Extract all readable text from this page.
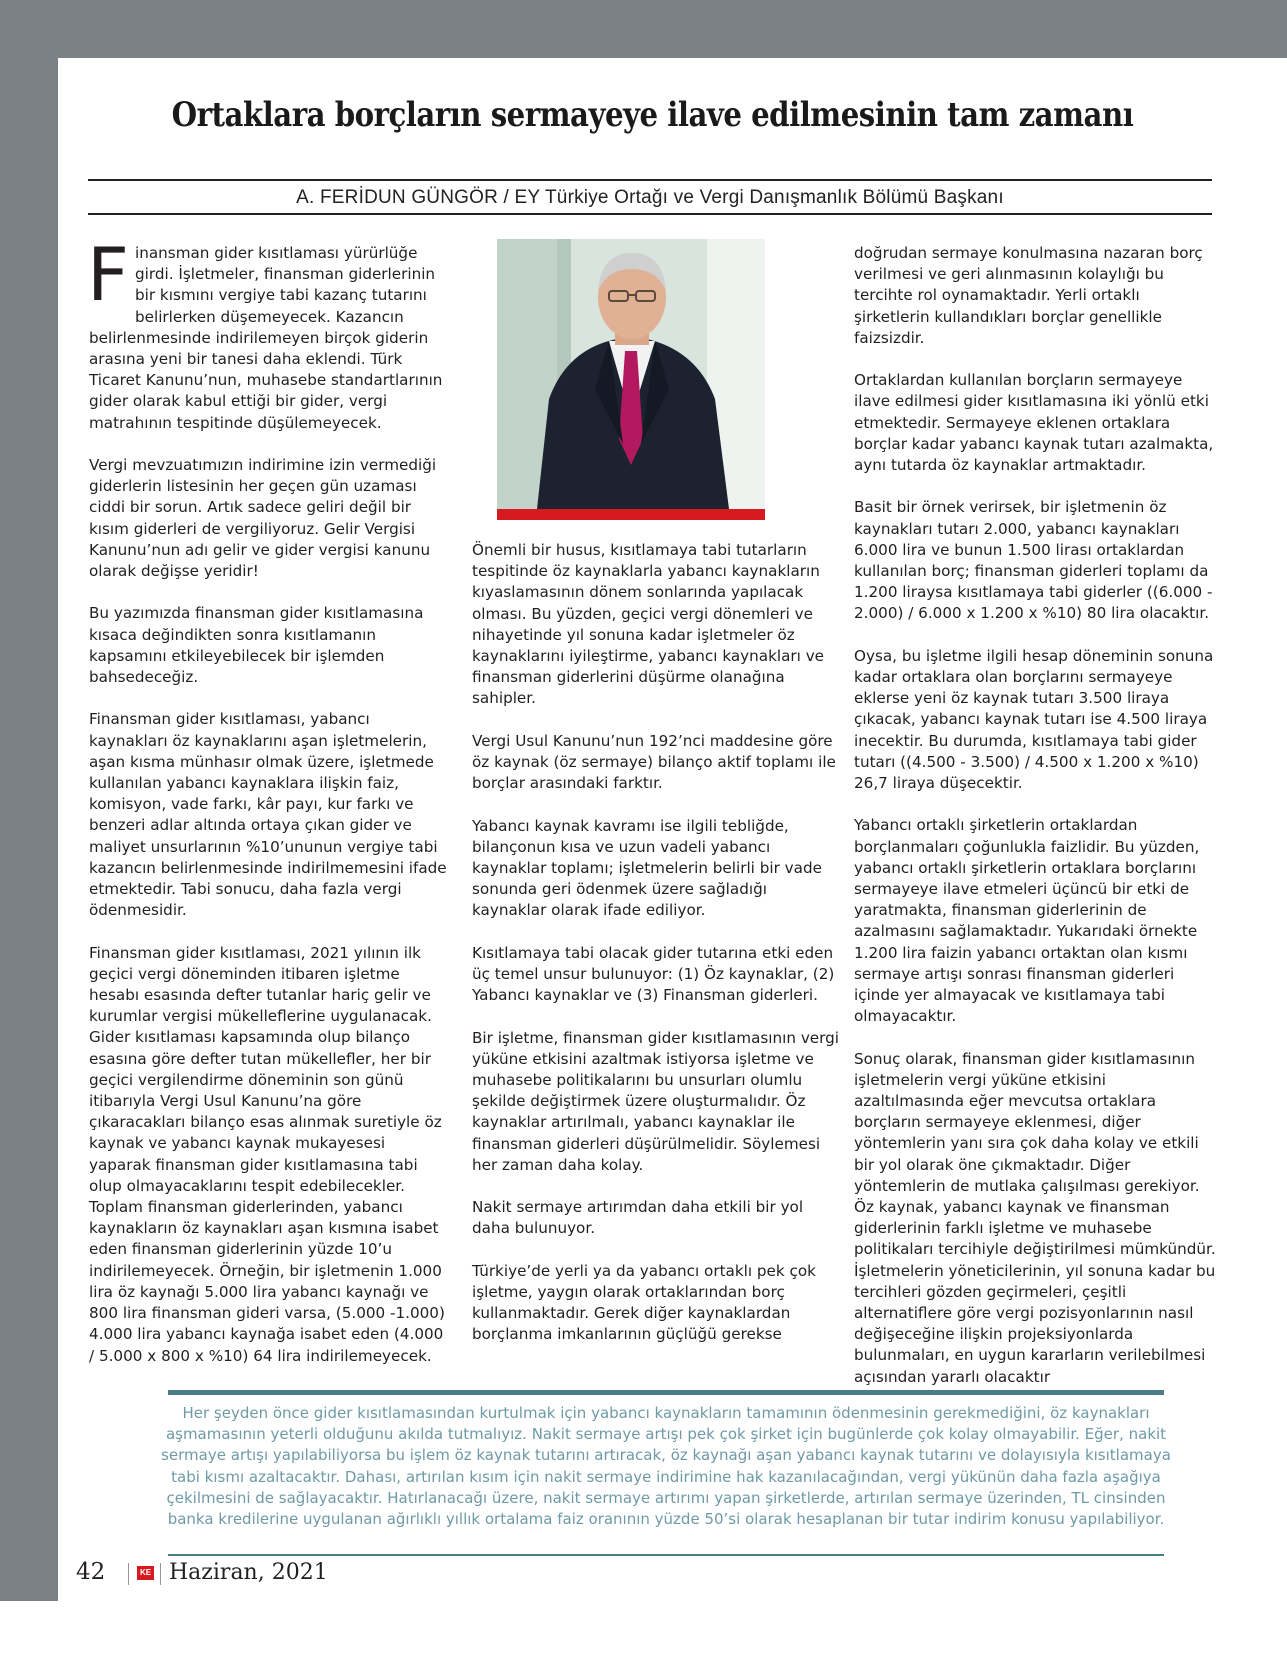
Ortaklara borçların sermayeye ilave edilmesinin tam zamanı
A. FERİDUN GÜNGÖR / EY Türkiye Ortağı ve Vergi Danışmanlık Bölümü Başkanı

Finansman gider kısıtlaması yürürlüğe girdi. İşletmeler, finansman giderlerinin bir kısmını vergiye tabi kazanç tutarını belirlerken düşemeyecek. Kazancın belirlenmesinde indirilemeyen birçok giderin arasına yeni bir tanesi daha eklendi. Türk Ticaret Kanunu’nun, muhasebe standartlarının gider olarak kabul ettiği bir gider, vergi matrahının tespitinde düşülemeyecek.

Vergi mevzuatımızın indirimine izin vermediği giderlerin listesinin her geçen gün uzaması ciddi bir sorun. Artık sadece geliri değil bir kısım giderleri de vergiliyoruz. Gelir Vergisi Kanunu’nun adı gelir ve gider vergisi kanunu olarak değişse yeridir!

Bu yazımızda finansman gider kısıtlamasına kısaca değindikten sonra kısıtlamanın kapsamını etkileyebilecek bir işlemden bahsedeceğiz.

Finansman gider kısıtlaması, yabancı kaynakları öz kaynaklarını aşan işletmelerin, aşan kısma münhasır olmak üzere, işletmede kullanılan yabancı kaynaklara ilişkin faiz, komisyon, vade farkı, kâr payı, kur farkı ve benzeri adlar altında ortaya çıkan gider ve maliyet unsurlarının %10’ununun vergiye tabi kazancın belirlenmesinde indirilmemesini ifade etmektedir. Tabi sonucu, daha fazla vergi ödenmesidir.

Finansman gider kısıtlaması, 2021 yılının ilk geçici vergi döneminden itibaren işletme hesabı esasında defter tutanlar hariç gelir ve kurumlar vergisi mükelleflerine uygulanacak. Gider kısıtlaması kapsamında olup bilanço esasına göre defter tutan mükellefler, her bir geçici vergilendirme döneminin son günü itibarıyla Vergi Usul Kanunu’na göre çıkaracakları bilanço esas alınmak suretiyle öz kaynak ve yabancı kaynak mukayesesi yaparak finansman gider kısıtlamasına tabi olup olmayacaklarını tespit edebilecekler. Toplam finansman giderlerinden, yabancı kaynakların öz kaynakları aşan kısmına isabet eden finansman giderlerinin yüzde 10’u indirilemeyecek. Örneğin, bir işletmenin 1.000 lira öz kaynağı 5.000 lira yabancı kaynağı ve 800 lira finansman gideri varsa, (5.000 -1.000) 4.000 lira yabancı kaynağa isabet eden (4.000 / 5.000 x 800 x %10) 64 lira indirilemeyecek.

Önemli bir husus, kısıtlamaya tabi tutarların tespitinde öz kaynaklarla yabancı kaynakların kıyaslamasının dönem sonlarında yapılacak olması. Bu yüzden, geçici vergi dönemleri ve nihayetinde yıl sonuna kadar işletmeler öz kaynaklarını iyileştirme, yabancı kaynakları ve finansman giderlerini düşürme olanağına sahipler.

Vergi Usul Kanunu’nun 192’nci maddesine göre öz kaynak (öz sermaye) bilanço aktif toplamı ile borçlar arasındaki farktır.

Yabancı kaynak kavramı ise ilgili tebliğde, bilançonun kısa ve uzun vadeli yabancı kaynaklar toplamı; işletmelerin belirli bir vade sonunda geri ödenmek üzere sağladığı kaynaklar olarak ifade ediliyor.

Kısıtlamaya tabi olacak gider tutarına etki eden üç temel unsur bulunuyor: (1) Öz kaynaklar, (2) Yabancı kaynaklar ve (3) Finansman giderleri.

Bir işletme, finansman gider kısıtlamasının vergi yüküne etkisini azaltmak istiyorsa işletme ve muhasebe politikalarını bu unsurları olumlu şekilde değiştirmek üzere oluşturmalıdır. Öz kaynaklar artırılmalı, yabancı kaynaklar ile finansman giderleri düşürülmelidir. Söylemesi her zaman daha kolay.

Nakit sermaye artırımdan daha etkili bir yol daha bulunuyor.

Türkiye’de yerli ya da yabancı ortaklı pek çok işletme, yaygın olarak ortaklarından borç kullanmaktadır. Gerek diğer kaynaklardan borçlanma imkanlarının güçlüğü gerekse

doğrudan sermaye konulmasına nazaran borç verilmesi ve geri alınmasının kolaylığı bu tercihte rol oynamaktadır. Yerli ortaklı şirketlerin kullandıkları borçlar genellikle faizsizdir.

Ortaklardan kullanılan borçların sermayeye ilave edilmesi gider kısıtlamasına iki yönlü etki etmektedir. Sermayeye eklenen ortaklara borçlar kadar yabancı kaynak tutarı azalmakta, aynı tutarda öz kaynaklar artmaktadır.

Basit bir örnek verirsek, bir işletmenin öz kaynakları tutarı 2.000, yabancı kaynakları 6.000 lira ve bunun 1.500 lirası ortaklardan kullanılan borç; finansman giderleri toplamı da 1.200 liraysa kısıtlamaya tabi giderler ((6.000 - 2.000) / 6.000 x 1.200 x %10) 80 lira olacaktır.

Oysa, bu işletme ilgili hesap döneminin sonuna kadar ortaklara olan borçlarını sermayeye eklerse yeni öz kaynak tutarı 3.500 liraya çıkacak, yabancı kaynak tutarı ise 4.500 liraya inecektir. Bu durumda, kısıtlamaya tabi gider tutarı ((4.500 - 3.500) / 4.500 x 1.200 x %10) 26,7 liraya düşecektir.

Yabancı ortaklı şirketlerin ortaklardan borçlanmaları çoğunlukla faizlidir. Bu yüzden, yabancı ortaklı şirketlerin ortaklara borçlarını sermayeye ilave etmeleri üçüncü bir etki de yaratmakta, finansman giderlerinin de azalmasını sağlamaktadır. Yukarıdaki örnekte 1.200 lira faizin yabancı ortaktan olan kısmı sermaye artışı sonrası finansman giderleri içinde yer almayacak ve kısıtlamaya tabi olmayacaktır.

Sonuç olarak, finansman gider kısıtlamasının işletmelerin vergi yüküne etkisini azaltılmasında eğer mevcutsa ortaklara borçların sermayeye eklenmesi, diğer yöntemlerin yanı sıra çok daha kolay ve etkili bir yol olarak öne çıkmaktadır. Diğer yöntemlerin de mutlaka çalışılması gerekiyor. Öz kaynak, yabancı kaynak ve finansman giderlerinin farklı işletme ve muhasebe politikaları tercihiyle değiştirilmesi mümkündür. İşletmelerin yöneticilerinin, yıl sonuna kadar bu tercihleri gözden geçirmeleri, çeşitli alternatiflere göre vergi pozisyonlarının nasıl değişeceğine ilişkin projeksiyonlarda bulunmaları, en uygun kararların verilebilmesi açısından yararlı olacaktır

Her şeyden önce gider kısıtlamasından kurtulmak için yabancı kaynakların tamamının ödenmesinin gerekmediğini, öz kaynakları aşmamasının yeterli olduğunu akılda tutmalıyız. Nakit sermaye artışı pek çok şirket için bugünlerde çok kolay olmayabilir. Eğer, nakit sermaye artışı yapılabiliyorsa bu işlem öz kaynak tutarını artıracak, öz kaynağı aşan yabancı kaynak tutarını ve dolayısıyla kısıtlamaya tabi kısmı azaltacaktır. Dahası, artırılan kısım için nakit sermaye indirimine hak kazanılacağından, vergi yükünün daha fazla aşağıya çekilmesini de sağlayacaktır. Hatırlanacağı üzere, nakit sermaye artırımı yapan şirketlerde, artırılan sermaye üzerinden, TL cinsinden banka kredilerine uygulanan ağırlıklı yıllık ortalama faiz oranının yüzde 50’si olarak hesaplanan bir tutar indirim konusu yapılabiliyor.
42	KE Haziran, 2021
